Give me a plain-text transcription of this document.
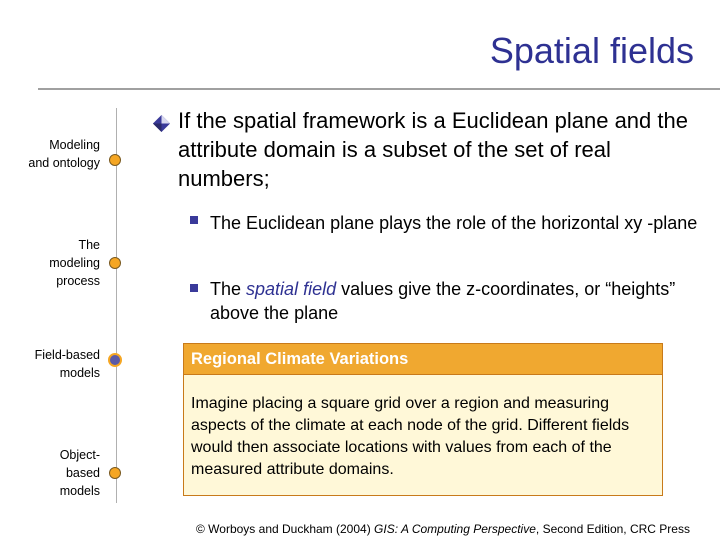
Spatial fields
Modeling
and ontology
The
modeling
process
Field-based
models
Object-
based
models

If the spatial framework is a Euclidean plane and the attribute domain is a subset of the set of real numbers;

The Euclidean plane plays the role of the horizontal xy -plane

The spatial field values give the z-coordinates, or “heights” above the plane

Regional Climate Variations
Imagine placing a square grid over a region and measuring aspects of the climate at each node of the grid. Different fields would then associate locations with values from each of the measured attribute domains.
© Worboys and Duckham (2004) GIS: A Computing Perspective, Second Edition, CRC Press
